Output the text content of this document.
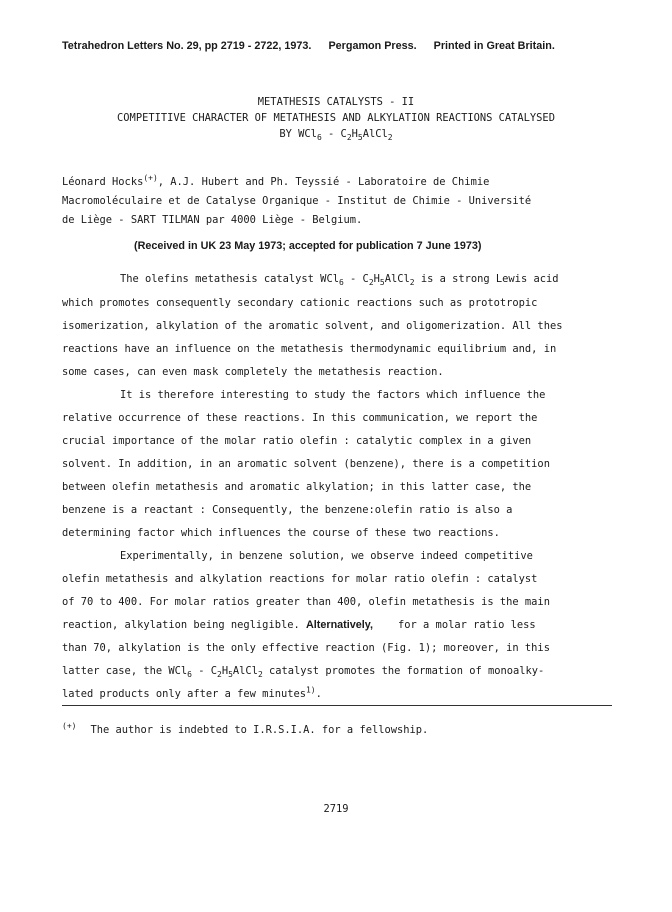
Tetrahedron Letters No. 29, pp 2719 - 2722, 1973. Pergamon Press. Printed in Great Britain.
METATHESIS CATALYSTS - II
COMPETITIVE CHARACTER OF METATHESIS AND ALKYLATION REACTIONS CATALYSED
BY $WCl_6 - C_2H_5AlCl_2$
Léonard Hocks(+), A.J. Hubert and Ph. Teyssié - Laboratoire de Chimie
Macromoléculaire et de Catalyse Organique - Institut de Chimie - Université
de Liège - SART TILMAN par 4000 Liège - Belgium.
(Received in UK 23 May 1973; accepted for publication 7 June 1973)
The olefins metathesis catalyst $WCl_6 - C_2H_5AlCl_2$ is a strong Lewis acid
which promotes consequently secondary cationic reactions such as prototropic
isomerization, alkylation of the aromatic solvent, and oligomerization. All thes
reactions have an influence on the metathesis thermodynamic equilibrium and, in
some cases, can even mask completely the metathesis reaction.
It is therefore interesting to study the factors which influence the
relative occurrence of these reactions. In this communication, we report the
crucial importance of the molar ratio olefin : catalytic complex in a given
solvent. In addition, in an aromatic solvent (benzene), there is a competition
between olefin metathesis and aromatic alkylation; in this latter case, the
benzene is a reactant : Consequently, the benzene:olefin ratio is also a
determining factor which influences the course of these two reactions.
Experimentally, in benzene solution, we observe indeed competitive
olefin metathesis and alkylation reactions for molar ratio olefin : catalyst
of 70 to 400. For molar ratios greater than 400, olefin metathesis is the main
reaction, alkylation being negligible. Alternatively,    for a molar ratio less
than 70, alkylation is the only effective reaction (Fig. 1); moreover, in this
latter case, the $WCl_6 - C_2H_5AlCl_2$ catalyst promotes the formation of monoalky-
lated products only after a few minutes$^{1)}$.
(+) The author is indebted to I.R.S.I.A. for a fellowship.
2719
